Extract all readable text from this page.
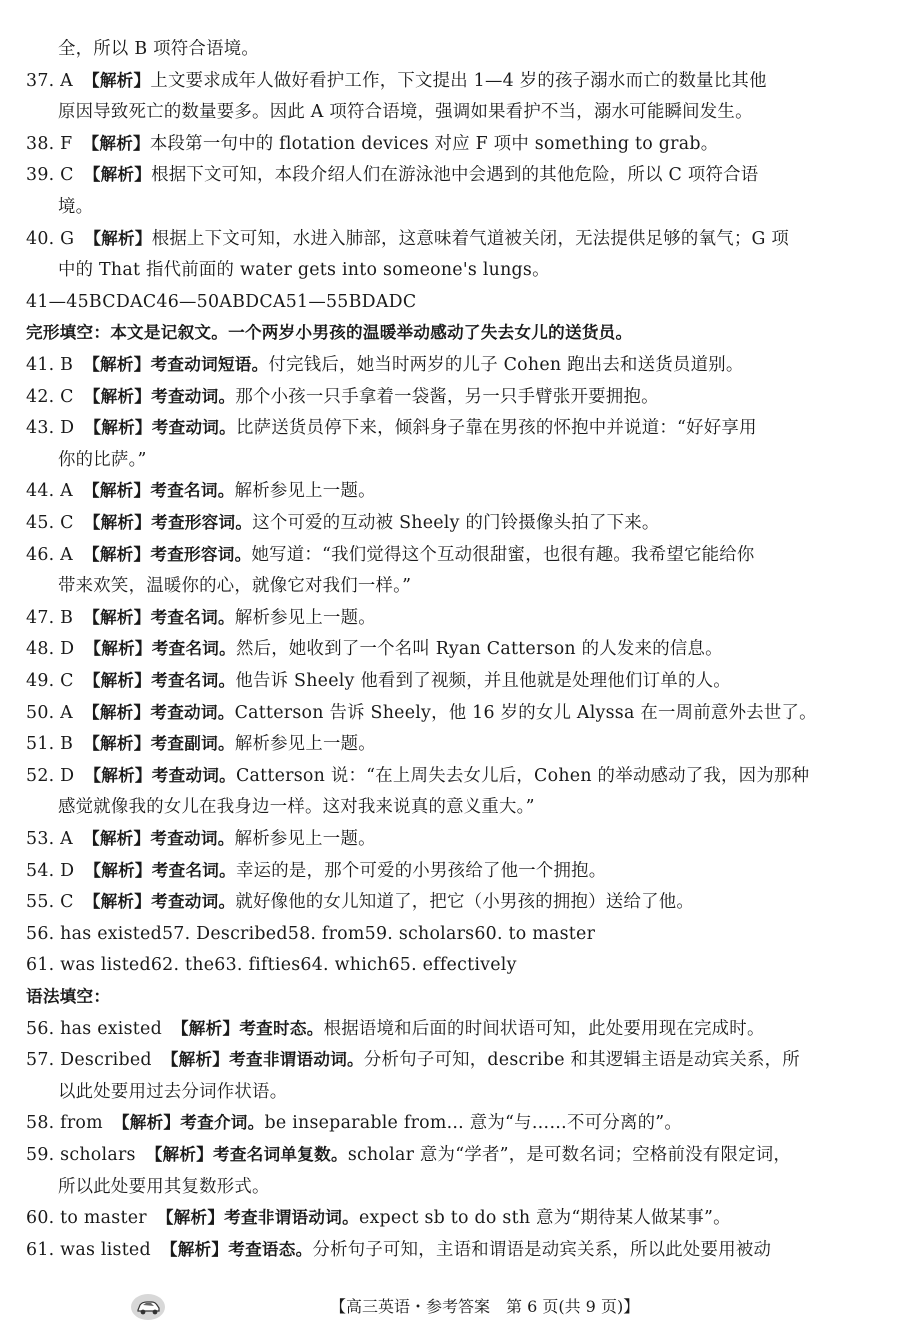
全，所以 B 项符合语境。
37. A 【解析】上文要求成年人做好看护工作，下文提出 1—4 岁的孩子溺水而亡的数量比其他
原因导致死亡的数量要多。因此 A 项符合语境，强调如果看护不当，溺水可能瞬间发生。
38. F 【解析】本段第一句中的 flotation devices 对应 F 项中 something to grab。
39. C 【解析】根据下文可知，本段介绍人们在游泳池中会遇到的其他危险，所以 C 项符合语
境。
40. G 【解析】根据上下文可知，水进入肺部，这意味着气道被关闭，无法提供足够的氧气；G 项
中的 That 指代前面的 water gets into someone's lungs。
41—45BCDAC46—50ABDCA51—55BDADC
完形填空：本文是记叙文。一个两岁小男孩的温暖举动感动了失去女儿的送货员。
41. B 【解析】考查动词短语。付完钱后，她当时两岁的儿子 Cohen 跑出去和送货员道别。
42. C 【解析】考查动词。那个小孩一只手拿着一袋酱，另一只手臂张开要拥抱。
43. D 【解析】考查动词。比萨送货员停下来，倾斜身子靠在男孩的怀抱中并说道：“好好享用
你的比萨。”
44. A 【解析】考查名词。解析参见上一题。
45. C 【解析】考查形容词。这个可爱的互动被 Sheely 的门铃摄像头拍了下来。
46. A 【解析】考查形容词。她写道：“我们觉得这个互动很甜蜜，也很有趣。我希望它能给你
带来欢笑，温暖你的心，就像它对我们一样。”
47. B 【解析】考查名词。解析参见上一题。
48. D 【解析】考查名词。然后，她收到了一个名叫 Ryan Catterson 的人发来的信息。
49. C 【解析】考查名词。他告诉 Sheely 他看到了视频，并且他就是处理他们订单的人。
50. A 【解析】考查动词。Catterson 告诉 Sheely，他 16 岁的女儿 Alyssa 在一周前意外去世了。
51. B 【解析】考查副词。解析参见上一题。
52. D 【解析】考查动词。Catterson 说：“在上周失去女儿后，Cohen 的举动感动了我，因为那种
感觉就像我的女儿在我身边一样。这对我来说真的意义重大。”
53. A 【解析】考查动词。解析参见上一题。
54. D 【解析】考查名词。幸运的是，那个可爱的小男孩给了他一个拥抱。
55. C 【解析】考查动词。就好像他的女儿知道了，把它（小男孩的拥抱）送给了他。
56. has existed57. Described58. from59. scholars60. to master
61. was listed62. the63. fifties64. which65. effectively
语法填空：
56. has existed 【解析】考查时态。根据语境和后面的时间状语可知，此处要用现在完成时。
57. Described 【解析】考查非谓语动词。分析句子可知，describe 和其逻辑主语是动宾关系，所
以此处要用过去分词作状语。
58. from 【解析】考查介词。be inseparable from... 意为“与……不可分离的”。
59. scholars 【解析】考查名词单复数。scholar 意为“学者”，是可数名词；空格前没有限定词，
所以此处要用其复数形式。
60. to master 【解析】考查非谓语动词。expect sb to do sth 意为“期待某人做某事”。
61. was listed 【解析】考查语态。分析句子可知，主语和谓语是动宾关系，所以此处要用被动
【高三英语・参考答案　第 6 页(共 9 页)】
